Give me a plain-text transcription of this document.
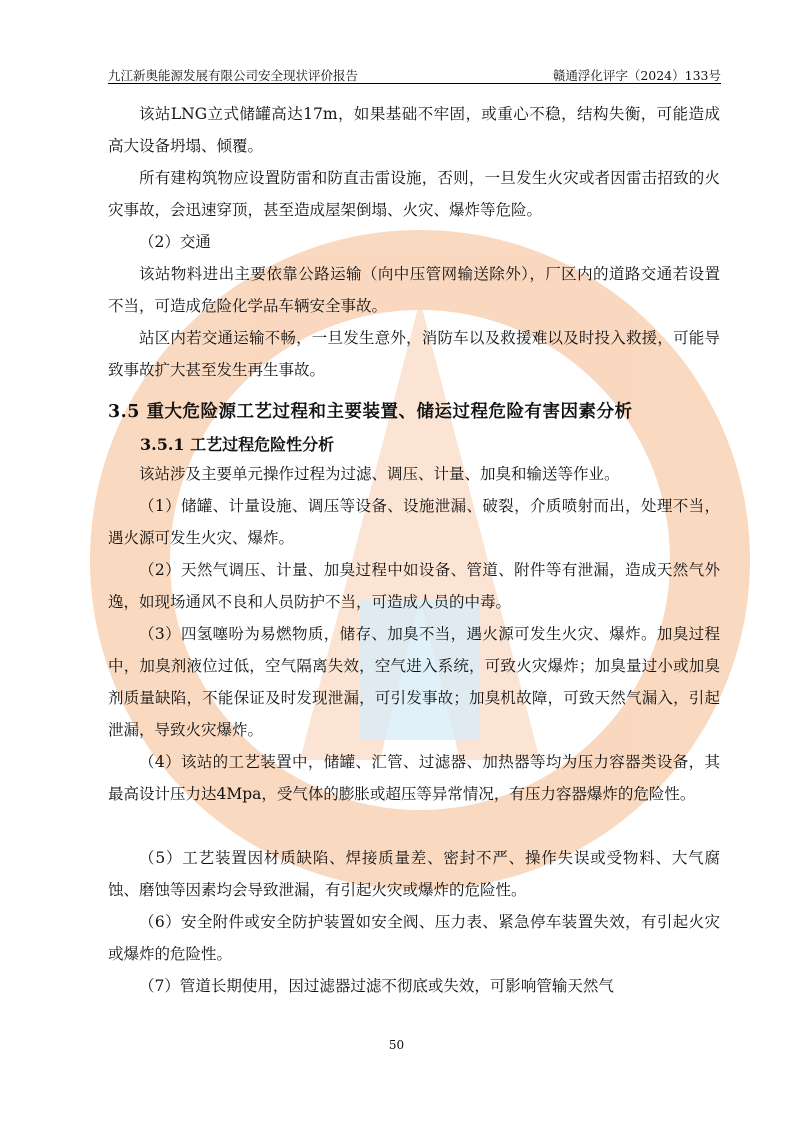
九江新奥能源发展有限公司安全现状评价报告	赣通浮化评字（2024）133号
该站LNG立式储罐高达17m，如果基础不牢固，或重心不稳，结构失衡，可能造成高大设备坍塌、倾覆。
所有建构筑物应设置防雷和防直击雷设施，否则，一旦发生火灾或者因雷击招致的火灾事故，会迅速穿顶，甚至造成屋架倒塌、火灾、爆炸等危险。
（2）交通
该站物料进出主要依靠公路运输（向中压管网输送除外），厂区内的道路交通若设置不当，可造成危险化学品车辆安全事故。
站区内若交通运输不畅，一旦发生意外，消防车以及救援难以及时投入救援，可能导致事故扩大甚至发生再生事故。
3.5 重大危险源工艺过程和主要装置、储运过程危险有害因素分析
3.5.1 工艺过程危险性分析
该站涉及主要单元操作过程为过滤、调压、计量、加臭和输送等作业。
（1）储罐、计量设施、调压等设备、设施泄漏、破裂，介质喷射而出，处理不当，遇火源可发生火灾、爆炸。
（2）天然气调压、计量、加臭过程中如设备、管道、附件等有泄漏，造成天然气外逸，如现场通风不良和人员防护不当，可造成人员的中毒。
（3）四氢噻吩为易燃物质，储存、加臭不当，遇火源可发生火灾、爆炸。加臭过程中，加臭剂液位过低，空气隔离失效，空气进入系统，可致火灾爆炸；加臭量过小或加臭剂质量缺陷，不能保证及时发现泄漏，可引发事故；加臭机故障，可致天然气漏入，引起泄漏，导致火灾爆炸。
（4）该站的工艺装置中，储罐、汇管、过滤器、加热器等均为压力容器类设备，其最高设计压力达4Mpa，受气体的膨胀或超压等异常情况，有压力容器爆炸的危险性。
（5）工艺装置因材质缺陷、焊接质量差、密封不严、操作失误或受物料、大气腐蚀、磨蚀等因素均会导致泄漏，有引起火灾或爆炸的危险性。
（6）安全附件或安全防护装置如安全阀、压力表、紧急停车装置失效，有引起火灾或爆炸的危险性。
（7）管道长期使用，因过滤器过滤不彻底或失效，可影响管输天然气
50
